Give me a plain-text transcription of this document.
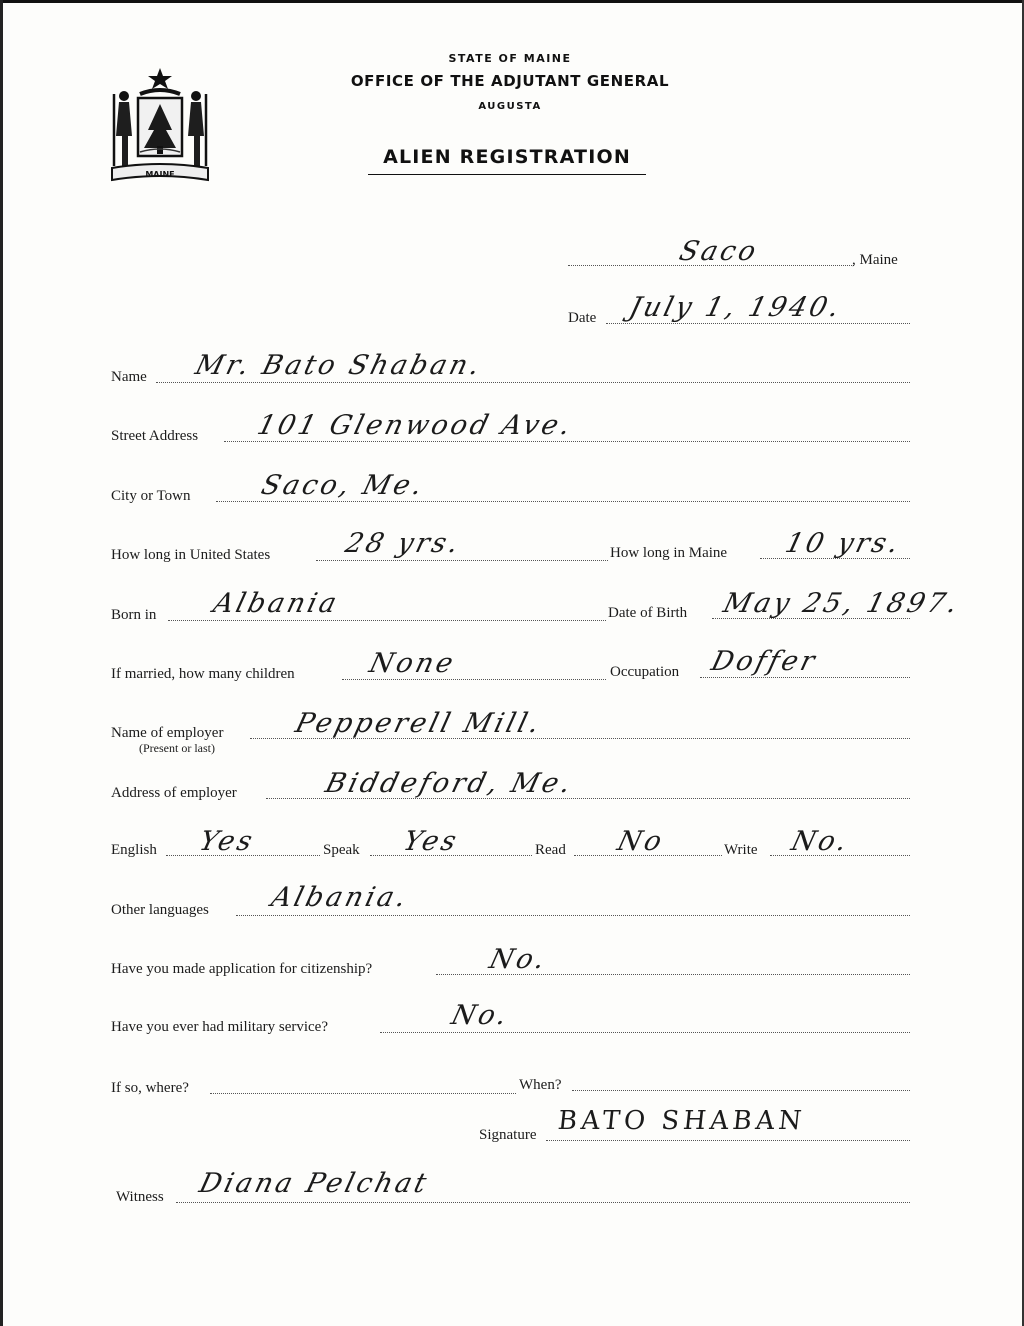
MAINE
STATE OF MAINE
OFFICE OF THE ADJUTANT GENERAL
AUGUSTA
ALIEN REGISTRATION
Saco	, Maine
Date July 1, 1940.
Name Mr. Bato Shaban.
Street Address 101 Glenwood Ave.
City or Town	Saco, Me.
How long in United States	28 yrs.	How long in Maine 10 yrs.
Born in Albania	Date of Birth May 25, 1897.
If married, how many children	None	Occupation Doffer
Name of employer
(Present or last)
Pepperell Mill.
Address of employer	Biddeford, Me.
English Yes	Speak Yes	Read No	Write No.
Other languages Albania.
Have you made application for citizenship?	No.
Have you ever had military service?	No.
If so, where?	When?
Signature BATO SHABAN
Witness Diana Pelchat
